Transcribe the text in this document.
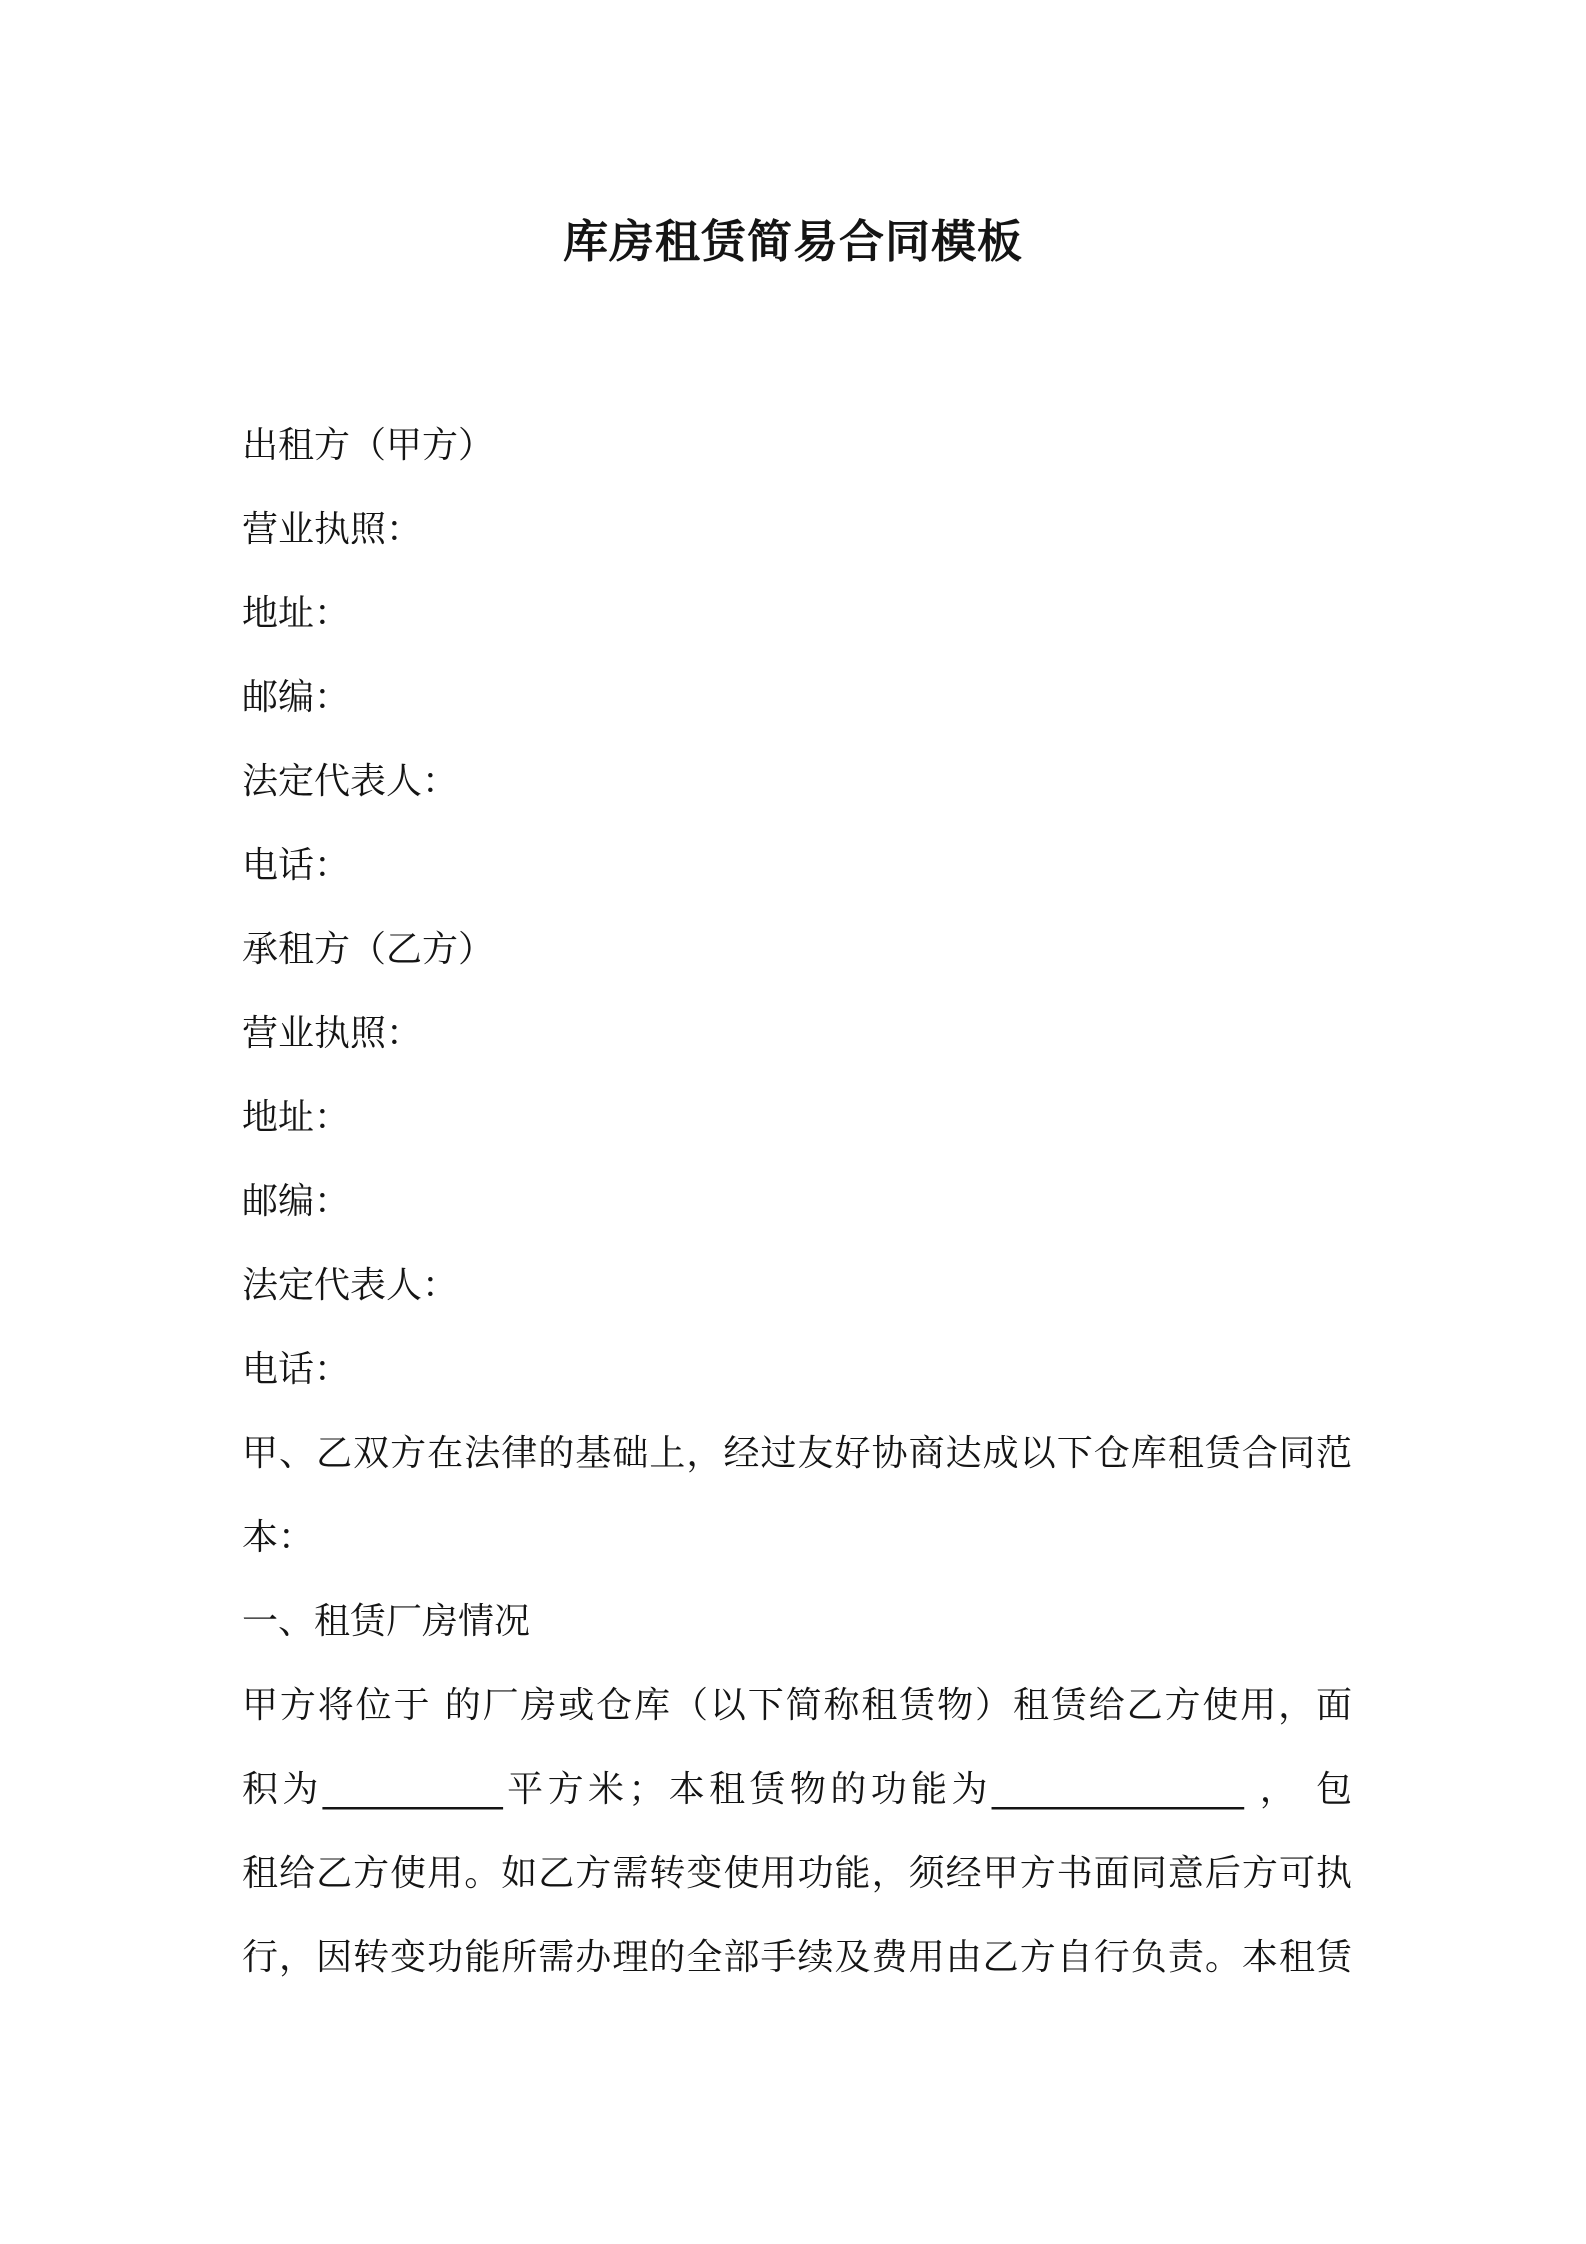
库房租赁简易合同模板

出租方（甲方）

营业执照：

地址：

邮编：

法定代表人：

电话：

承租方（乙方）

营业执照：

地址：

邮编：

法定代表人：

电话：

甲、乙双方在法律的基础上，经过友好协商达成以下仓库租赁合同范
本：

一、租赁厂房情况

甲方将位于 的厂房或仓库（以下简称租赁物）租赁给乙方使用，面
积为__________平方米；本租赁物的功能为______________ ， 包
租给乙方使用。如乙方需转变使用功能，须经甲方书面同意后方可执
行，因转变功能所需办理的全部手续及费用由乙方自行负责。本租赁
